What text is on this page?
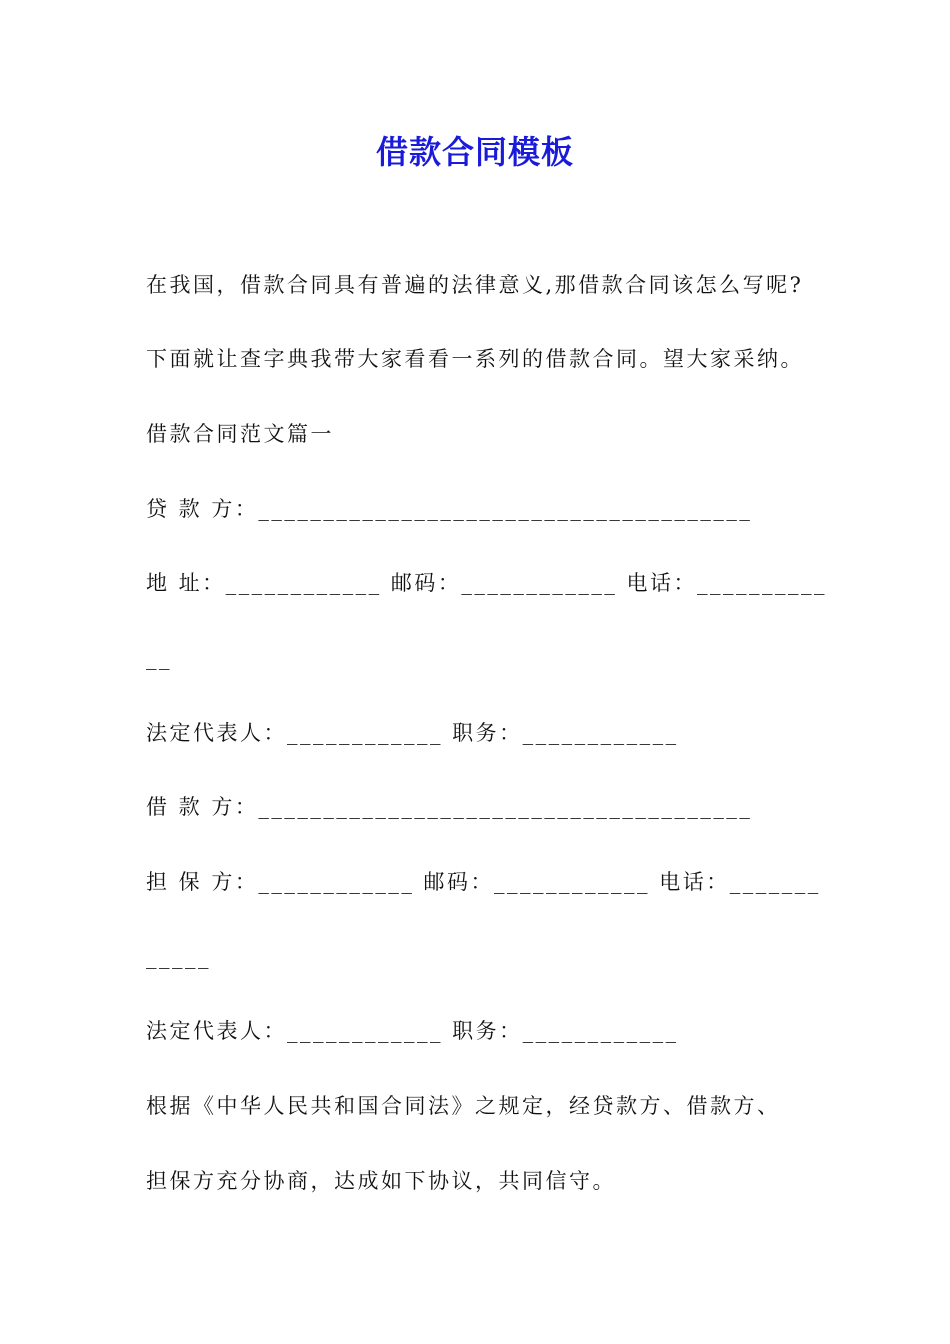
借款合同模板
在我国，借款合同具有普遍的法律意义,那借款合同该怎么写呢?
下面就让查字典我带大家看看一系列的借款合同。望大家采纳。
借款合同范文篇一
贷 款 方：______________________________________
地 址：____________ 邮码：____________ 电话：__________
__
法定代表人：____________ 职务：____________
借 款 方：______________________________________
担 保 方：____________ 邮码：____________ 电话：_______
_____
法定代表人：____________ 职务：____________
根据《中华人民共和国合同法》之规定，经贷款方、借款方、
担保方充分协商，达成如下协议，共同信守。
